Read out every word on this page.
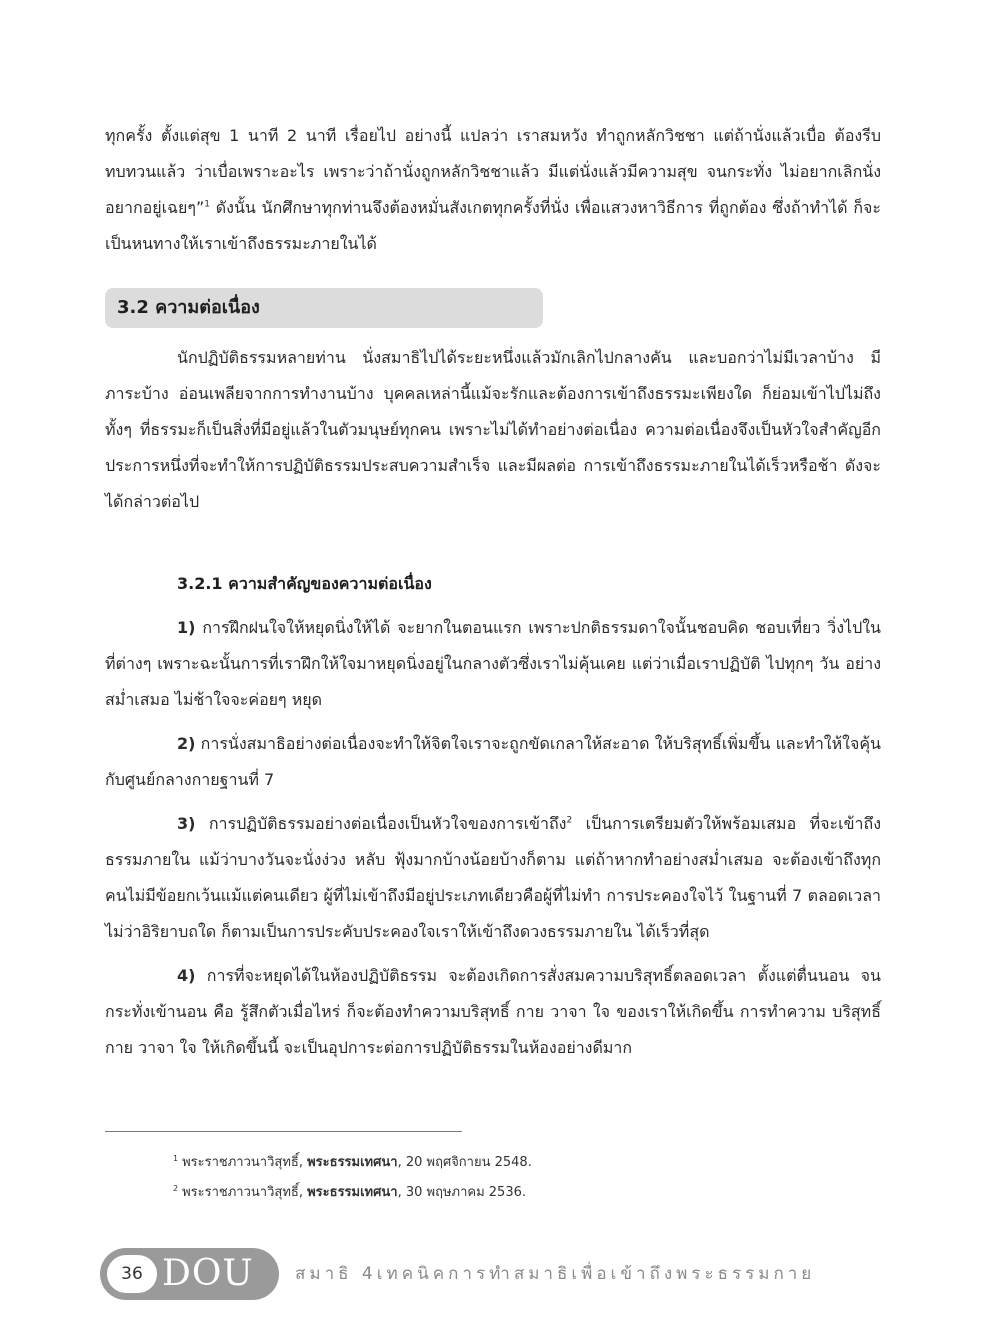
ทุกครั้ง ตั้งแต่สุข 1 นาที 2 นาที เรื่อยไป อย่างนี้ แปลว่า เราสมหวัง ทำถูกหลักวิชชา แต่ถ้านั่งแล้วเบื่อ ต้องรีบทบทวนแล้ว ว่าเบื่อเพราะอะไร เพราะว่าถ้านั่งถูกหลักวิชชาแล้ว มีแต่นั่งแล้วมีความสุข จนกระทั่ง ไม่อยากเลิกนั่ง อยากอยู่เฉยๆ”$^1$ ดังนั้น นักศึกษาทุกท่านจึงต้องหมั่นสังเกตทุกครั้งที่นั่ง เพื่อแสวงหาวิธีการ ที่ถูกต้อง ซึ่งถ้าทำได้ ก็จะเป็นหนทางให้เราเข้าถึงธรรมะภายในได้

3.2 ความต่อเนื่อง

นักปฏิบัติธรรมหลายท่าน นั่งสมาธิไปได้ระยะหนึ่งแล้วมักเลิกไปกลางคัน และบอกว่าไม่มีเวลาบ้าง มีภาระบ้าง อ่อนเพลียจากการทำงานบ้าง บุคคลเหล่านี้แม้จะรักและต้องการเข้าถึงธรรมะเพียงใด ก็ย่อมเข้าไปไม่ถึง ทั้งๆ ที่ธรรมะก็เป็นสิ่งที่มีอยู่แล้วในตัวมนุษย์ทุกคน เพราะไม่ได้ทำอย่างต่อเนื่อง ความต่อเนื่องจึงเป็นหัวใจสำคัญอีกประการหนึ่งที่จะทำให้การปฏิบัติธรรมประสบความสำเร็จ และมีผลต่อ การเข้าถึงธรรมะภายในได้เร็วหรือช้า ดังจะได้กล่าวต่อไป

3.2.1 ความสำคัญของความต่อเนื่อง

1) การฝึกฝนใจให้หยุดนิ่งให้ได้ จะยากในตอนแรก เพราะปกติธรรมดาใจนั้นชอบคิด ชอบเที่ยว วิ่งไปในที่ต่างๆ เพราะฉะนั้นการที่เราฝึกให้ใจมาหยุดนิ่งอยู่ในกลางตัวซึ่งเราไม่คุ้นเคย แต่ว่าเมื่อเราปฏิบัติ ไปทุกๆ วัน อย่างสม่ำเสมอ ไม่ช้าใจจะค่อยๆ หยุด

2) การนั่งสมาธิอย่างต่อเนื่องจะทำให้จิตใจเราจะถูกขัดเกลาให้สะอาด ให้บริสุทธิ์เพิ่มขึ้น และทำให้ใจคุ้นกับศูนย์กลางกายฐานที่ 7

3) การปฏิบัติธรรมอย่างต่อเนื่องเป็นหัวใจของการเข้าถึง$^2$ เป็นการเตรียมตัวให้พร้อมเสมอ ที่จะเข้าถึงธรรมภายใน แม้ว่าบางวันจะนั่งง่วง หลับ ฟุ้งมากบ้างน้อยบ้างก็ตาม แต่ถ้าหากทำอย่างสม่ำเสมอ จะต้องเข้าถึงทุกคนไม่มีข้อยกเว้นแม้แต่คนเดียว ผู้ที่ไม่เข้าถึงมีอยู่ประเภทเดียวคือผู้ที่ไม่ทำ การประคองใจไว้ ในฐานที่ 7 ตลอดเวลา ไม่ว่าอิริยาบถใด ก็ตามเป็นการประคับประคองใจเราให้เข้าถึงดวงธรรมภายใน ได้เร็วที่สุด

4) การที่จะหยุดได้ในห้องปฏิบัติธรรม จะต้องเกิดการสั่งสมความบริสุทธิ์ตลอดเวลา ตั้งแต่ตื่นนอน จนกระทั่งเข้านอน คือ รู้สึกตัวเมื่อไหร่ ก็จะต้องทำความบริสุทธิ์ กาย วาจา ใจ ของเราให้เกิดขึ้น การทำความ บริสุทธิ์ กาย วาจา ใจ ให้เกิดขึ้นนี้ จะเป็นอุปการะต่อการปฏิบัติธรรมในห้องอย่างดีมาก

$^1$ พระราชภาวนาวิสุทธิ์, พระธรรมเทศนา, 20 พฤศจิกายน 2548.

$^2$ พระราชภาวนาวิสุทธิ์, พระธรรมเทศนา, 30 พฤษภาคม 2536.

36 DOU สมาธิ 4เทคนิคการทำสมาธิเพื่อเข้าถึงพระธรรมกาย
